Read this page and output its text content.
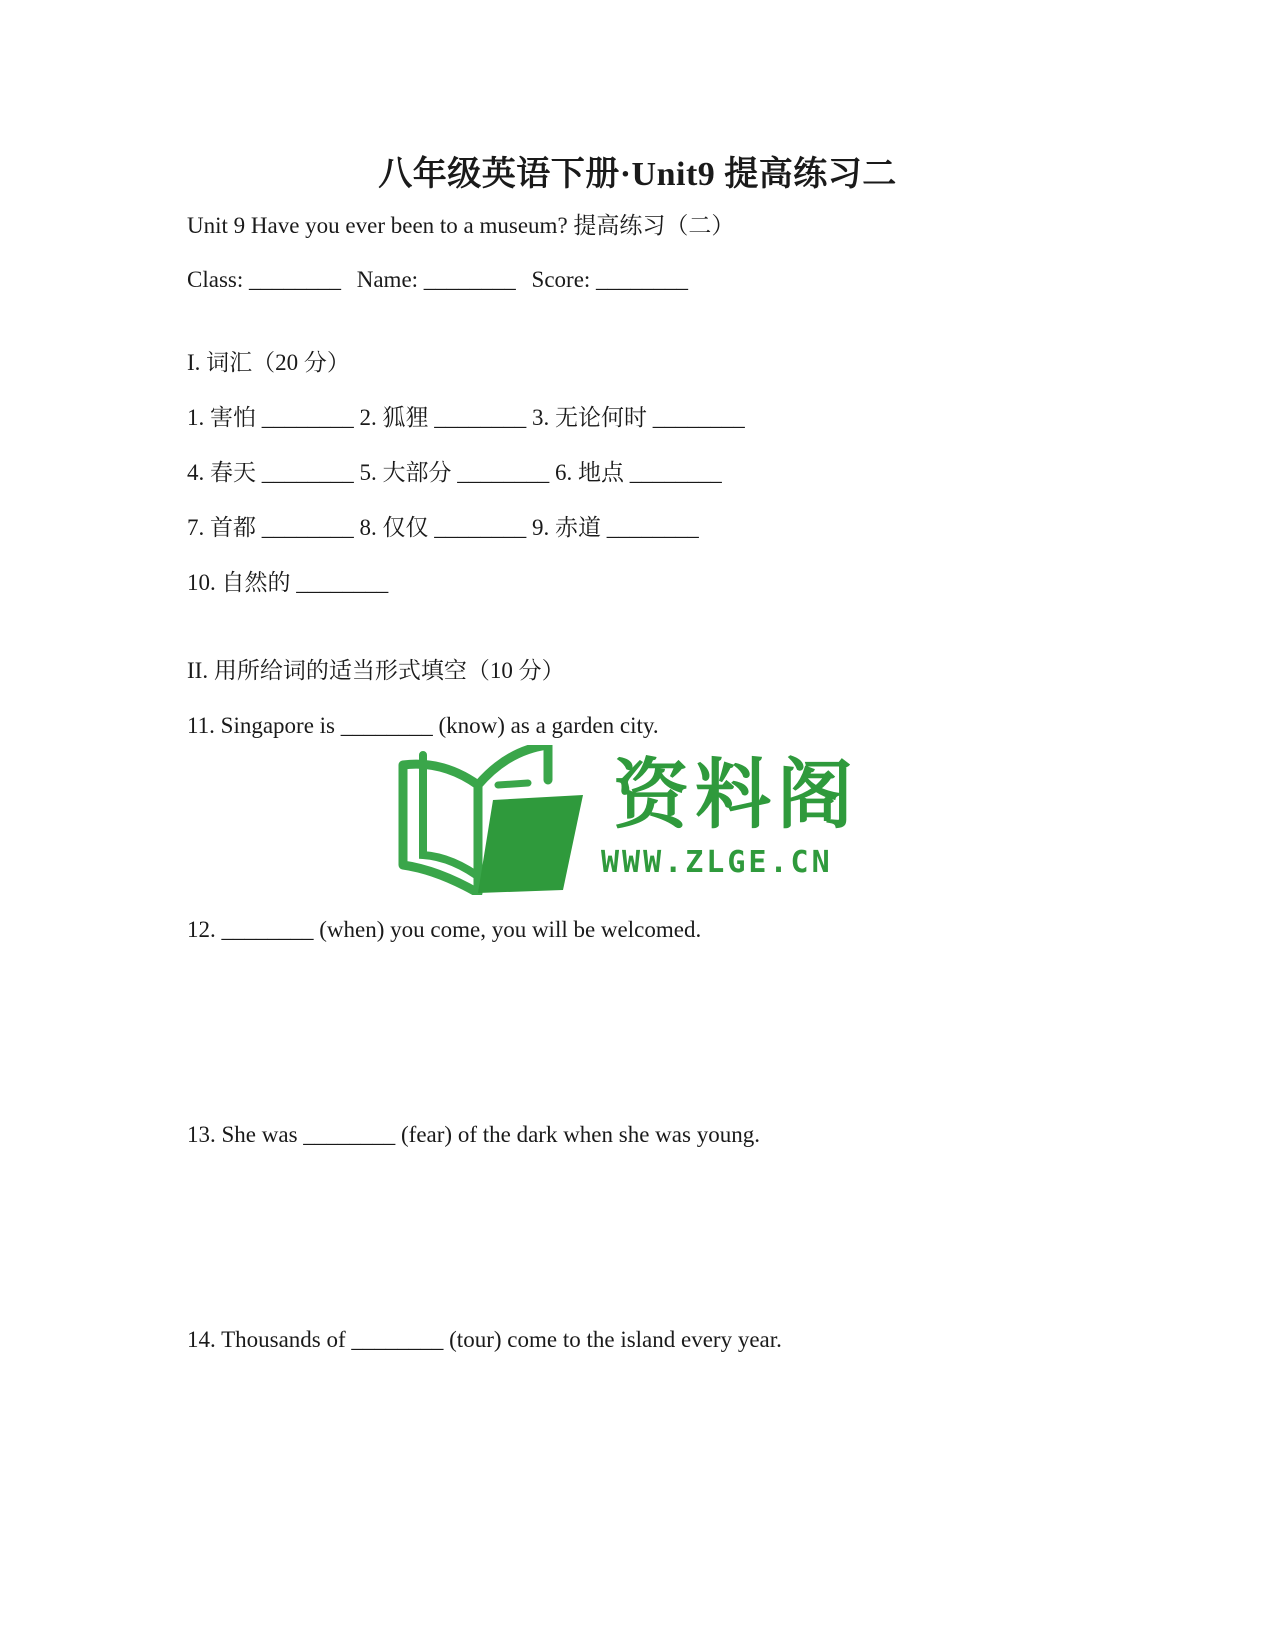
八年级英语下册·Unit9 提高练习二
Unit 9 Have you ever been to a museum? 提高练习（二）
Class: ________ Name: ________ Score: ________
I. 词汇（20 分）
1. 害怕 ________ 2. 狐狸 ________ 3. 无论何时 ________
4. 春天 ________ 5. 大部分 ________ 6. 地点 ________
7. 首都 ________ 8. 仅仅 ________ 9. 赤道 ________
10. 自然的 ________
II. 用所给词的适当形式填空（10 分）
11. Singapore is ________ (know) as a garden city.
12. ________ (when) you come, you will be welcomed.
13. She was ________ (fear) of the dark when she was young.
14. Thousands of ________ (tour) come to the island every year.
资料阁
WWW.ZLGE.CN
